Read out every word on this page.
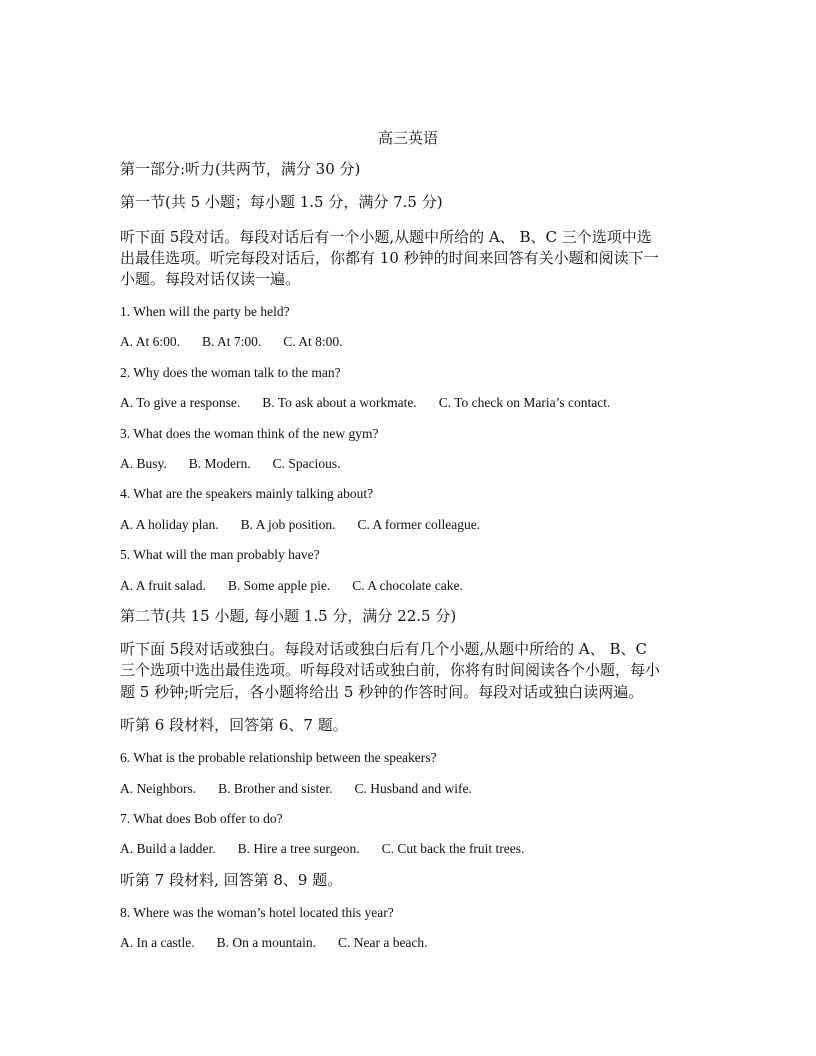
高三英语
第一部分:听力(共两节，满分 30 分)
第一节(共 5 小题；每小题 1.5 分，满分 7.5 分)
听下面 5段对话。每段对话后有一个小题,从题中所给的 A、 B、C 三个选项中选
出最佳选项。听完每段对话后，你都有 10 秒钟的时间来回答有关小题和阅读下一
小题。每段对话仅读一遍。
1. When will the party be held?
A. At 6:00. B. At 7:00. C. At 8:00.
2. Why does the woman talk to the man?
A. To give a response. B. To ask about a workmate. C. To check on Maria’s contact.
3. What does the woman think of the new gym?
A. Busy. B. Modern. C. Spacious.
4. What are the speakers mainly talking about?
A. A holiday plan. B. A job position. C. A former colleague.
5. What will the man probably have?
A. A fruit salad. B. Some apple pie. C. A chocolate cake.
第二节(共 15 小题, 每小题 1.5 分，满分 22.5 分)
听下面 5段对话或独白。每段对话或独白后有几个小题,从题中所给的 A、 B、C
三个选项中选出最佳选项。听每段对话或独白前，你将有时间阅读各个小题，每小
题 5 秒钟;听完后，各小题将给出 5 秒钟的作答时间。每段对话或独白读两遍。
听第 6 段材料，回答第 6、7 题。
6. What is the probable relationship between the speakers?
A. Neighbors. B. Brother and sister. C. Husband and wife.
7. What does Bob offer to do?
A. Build a ladder. B. Hire a tree surgeon. C. Cut back the fruit trees.
听第 7 段材料, 回答第 8、9 题。
8. Where was the woman’s hotel located this year?
A. In a castle. B. On a mountain. C. Near a beach.
